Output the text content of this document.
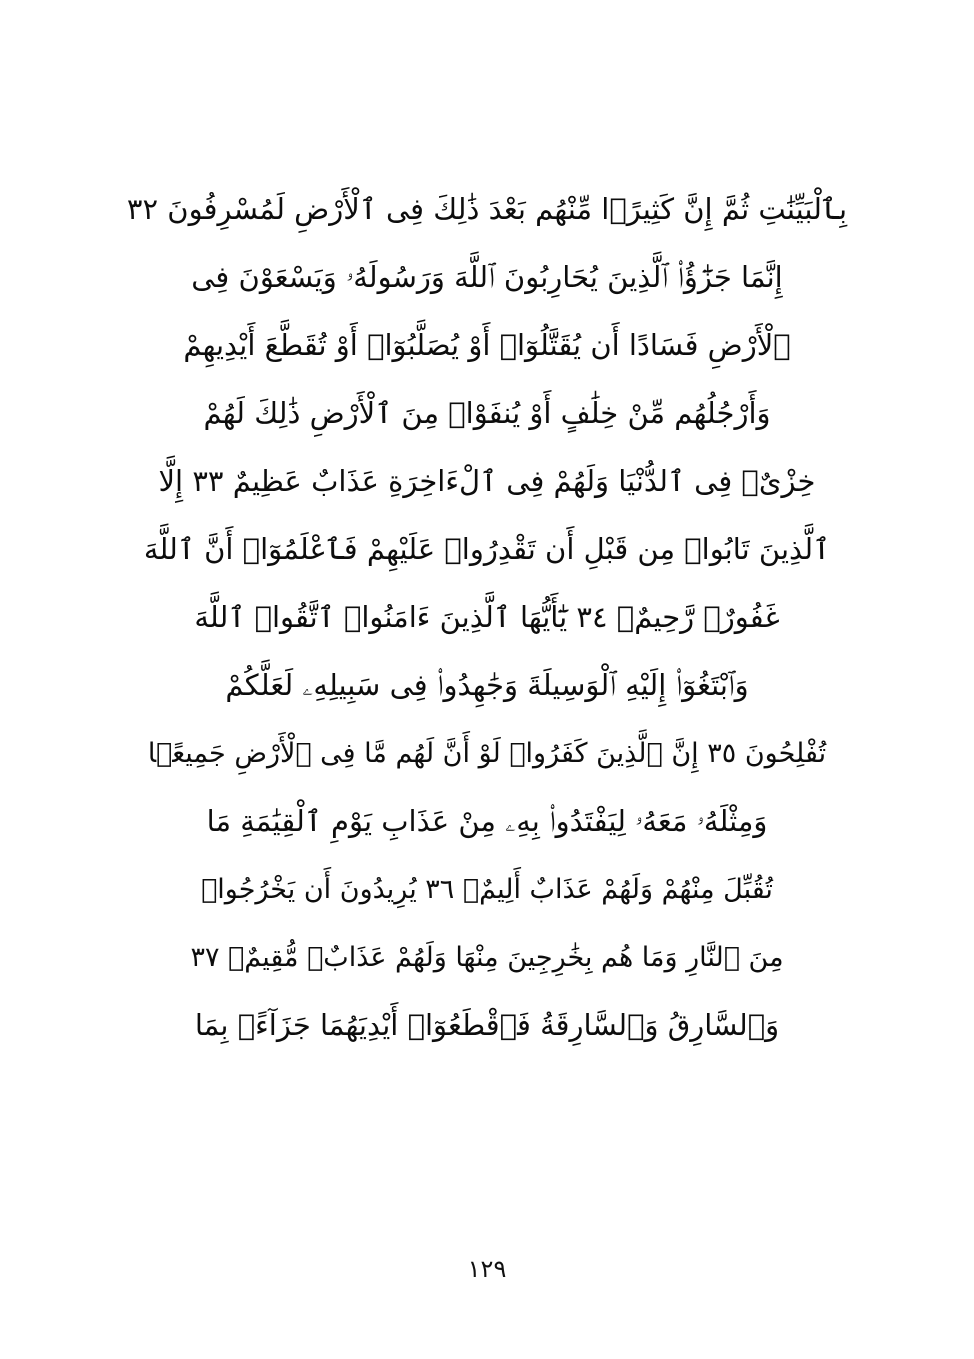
بِٱلْبَيِّنَٰتِ ثُمَّ إِنَّ كَثِيرًۭا مِّنْهُم بَعْدَ ذَٰلِكَ فِى ٱلْأَرْضِ لَمُسْرِفُونَ ٣٢
إِنَّمَا جَزَٰٓؤُا۟ ٱلَّذِينَ يُحَارِبُونَ ٱللَّهَ وَرَسُولَهُۥ وَيَسْعَوْنَ فِى
ٱلْأَرْضِ فَسَادًا أَن يُقَتَّلُوٓا۟ أَوْ يُصَلَّبُوٓا۟ أَوْ تُقَطَّعَ أَيْدِيهِمْ
وَأَرْجُلُهُم مِّنْ خِلَٰفٍ أَوْ يُنفَوْا۟ مِنَ ٱلْأَرْضِ ذَٰلِكَ لَهُمْ
خِزْىٌۭ فِى ٱلدُّنْيَا وَلَهُمْ فِى ٱلْءَاخِرَةِ عَذَابٌ عَظِيمٌ ٣٣ إِلَّا
ٱلَّذِينَ تَابُوا۟ مِن قَبْلِ أَن تَقْدِرُوا۟ عَلَيْهِمْ فَٱعْلَمُوٓا۟ أَنَّ ٱللَّهَ
غَفُورٌۭ رَّحِيمٌۭ ٣٤ يَٰٓأَيُّهَا ٱلَّذِينَ ءَامَنُوا۟ ٱتَّقُوا۟ ٱللَّهَ
وَٱبْتَغُوٓا۟ إِلَيْهِ ٱلْوَسِيلَةَ وَجَٰهِدُوا۟ فِى سَبِيلِهِۦ لَعَلَّكُمْ
تُفْلِحُونَ ٣٥ إِنَّ ٱلَّذِينَ كَفَرُوا۟ لَوْ أَنَّ لَهُم مَّا فِى ٱلْأَرْضِ جَمِيعًۭا
وَمِثْلَهُۥ مَعَهُۥ لِيَفْتَدُوا۟ بِهِۦ مِنْ عَذَابِ يَوْمِ ٱلْقِيَٰمَةِ مَا
تُقُبِّلَ مِنْهُمْ وَلَهُمْ عَذَابٌ أَلِيمٌۭ ٣٦ يُرِيدُونَ أَن يَخْرُجُوا۟
مِنَ ٱلنَّارِ وَمَا هُم بِخَٰرِجِينَ مِنْهَا وَلَهُمْ عَذَابٌۭ مُّقِيمٌۭ ٣٧
وَٱلسَّارِقُ وَٱلسَّارِقَةُ فَٱقْطَعُوٓا۟ أَيْدِيَهُمَا جَزَآءًۢ بِمَا
١٢٩
